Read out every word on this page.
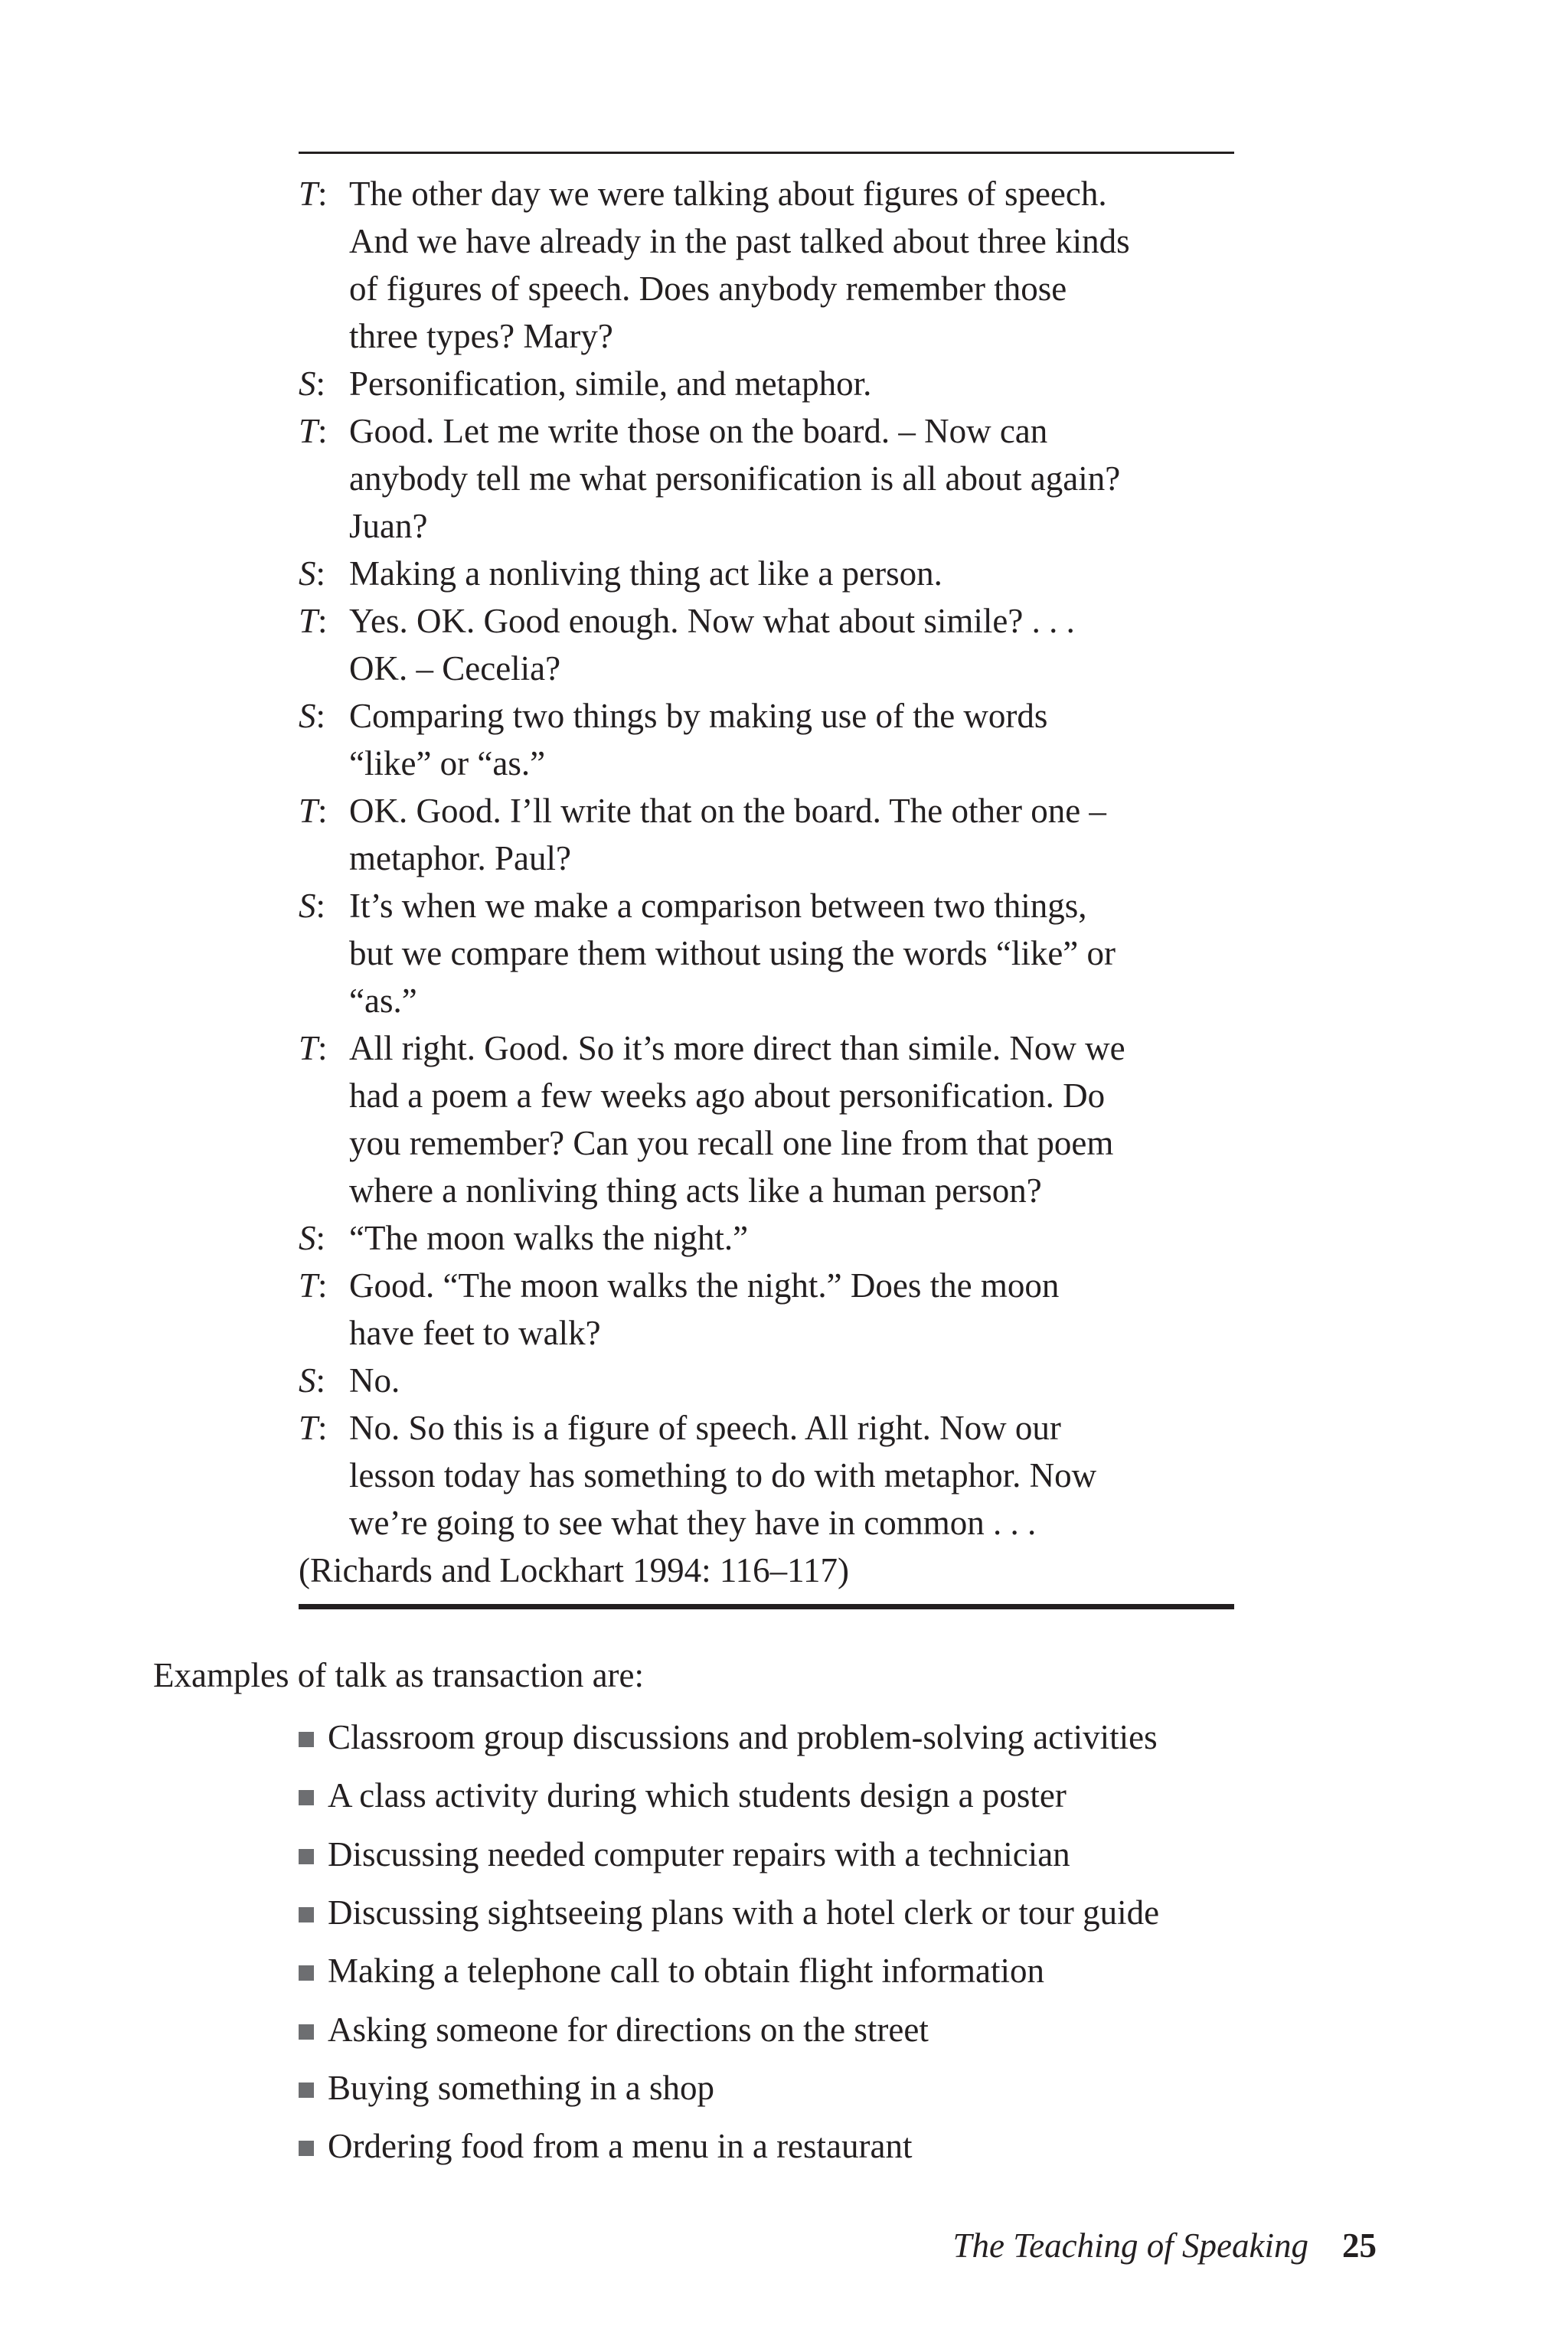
T: The other day we were talking about figures of speech.
And we have already in the past talked about three kinds
of figures of speech. Does anybody remember those
three types? Mary?
S: Personification, simile, and metaphor.
T: Good. Let me write those on the board. – Now can
anybody tell me what personification is all about again?
Juan?
S: Making a nonliving thing act like a person.
T: Yes. OK. Good enough. Now what about simile? . . .
OK. – Cecelia?
S: Comparing two things by making use of the words
“like” or “as.”
T: OK. Good. I’ll write that on the board. The other one –
metaphor. Paul?
S: It’s when we make a comparison between two things,
but we compare them without using the words “like” or
“as.”
T: All right. Good. So it’s more direct than simile. Now we
had a poem a few weeks ago about personification. Do
you remember? Can you recall one line from that poem
where a nonliving thing acts like a human person?
S: “The moon walks the night.”
T: Good. “The moon walks the night.” Does the moon
have feet to walk?
S: No.
T: No. So this is a figure of speech. All right. Now our
lesson today has something to do with metaphor. Now
we’re going to see what they have in common . . .
(Richards and Lockhart 1994: 116–117)
Examples of talk as transaction are:
Classroom group discussions and problem-solving activities
A class activity during which students design a poster
Discussing needed computer repairs with a technician
Discussing sightseeing plans with a hotel clerk or tour guide
Making a telephone call to obtain flight information
Asking someone for directions on the street
Buying something in a shop
Ordering food from a menu in a restaurant
The Teaching of Speaking 25
